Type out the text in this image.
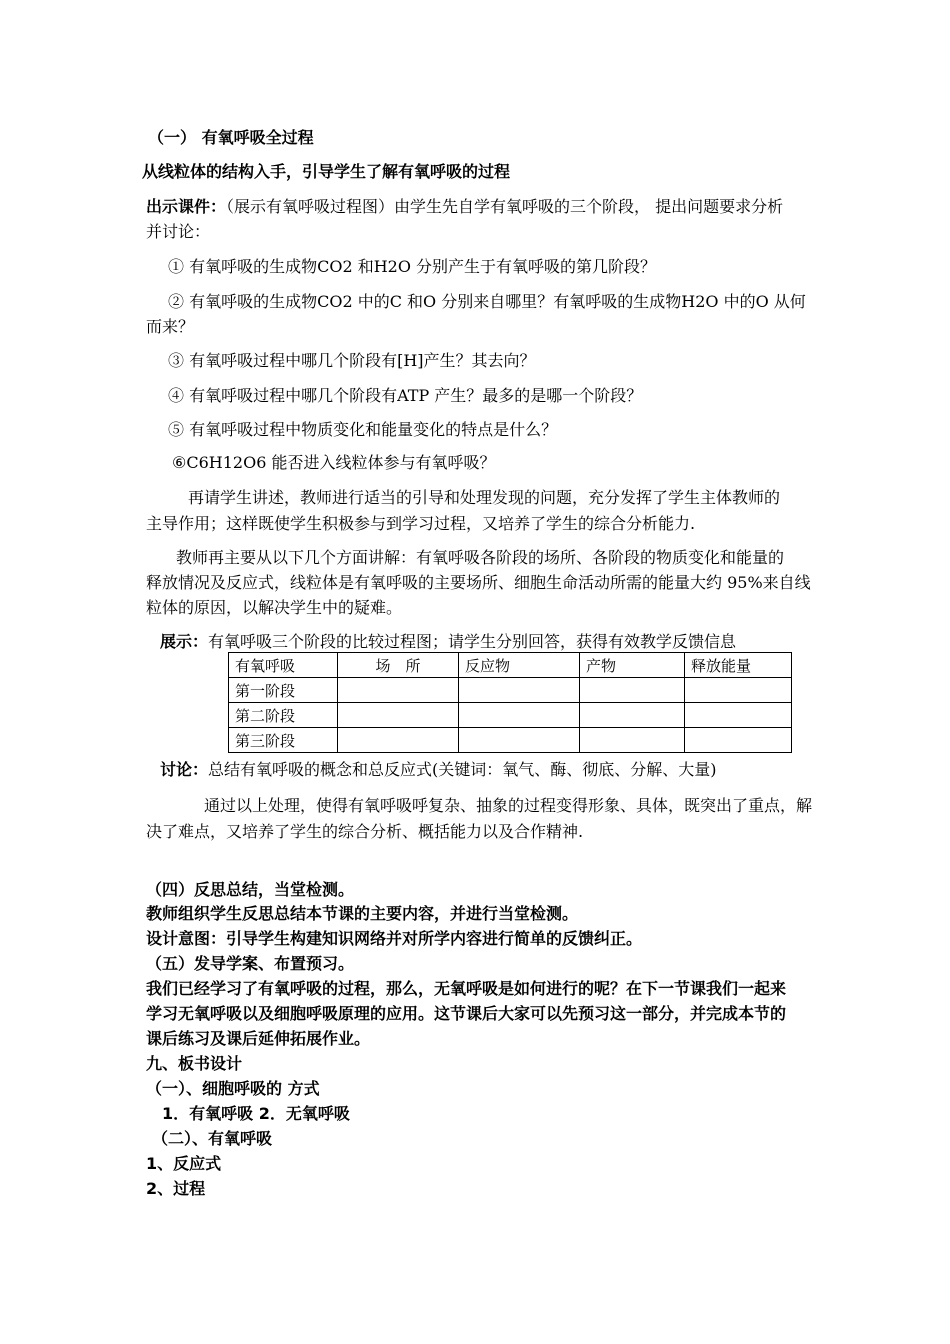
（一） 有氧呼吸全过程
从线粒体的结构入手，引导学生了解有氧呼吸的过程
出示课件：（展示有氧呼吸过程图）由学生先自学有氧呼吸的三个阶段， 提出问题要求分析
并讨论：
① 有氧呼吸的生成物CO2 和H2O 分别产生于有氧呼吸的第几阶段？
② 有氧呼吸的生成物CO2 中的C 和O 分别来自哪里？有氧呼吸的生成物H2O 中的O 从何
而来？
③ 有氧呼吸过程中哪几个阶段有[H]产生？其去向？
④ 有氧呼吸过程中哪几个阶段有ATP 产生？最多的是哪一个阶段？
⑤ 有氧呼吸过程中物质变化和能量变化的特点是什么？
⑥C6H12O6 能否进入线粒体参与有氧呼吸？
再请学生讲述，教师进行适当的引导和处理发现的问题，充分发挥了学生主体教师的
主导作用；这样既使学生积极参与到学习过程，又培养了学生的综合分析能力.
教师再主要从以下几个方面讲解：有氧呼吸各阶段的场所、各阶段的物质变化和能量的
释放情况及反应式，线粒体是有氧呼吸的主要场所、细胞生命活动所需的能量大约 95%来自线
粒体的原因，以解决学生中的疑难。
展示：有氧呼吸三个阶段的比较过程图；请学生分别回答，获得有效教学反馈信息
有氧呼吸	场　所	反应物	产物	释放能量
第一阶段				
第二阶段				
第三阶段				
讨论：总结有氧呼吸的概念和总反应式(关键词：氧气、酶、彻底、分解、大量)
通过以上处理，使得有氧呼吸呼复杂、抽象的过程变得形象、具体，既突出了重点，解
决了难点，又培养了学生的综合分析、概括能力以及合作精神.
（四）反思总结，当堂检测。
教师组织学生反思总结本节课的主要内容，并进行当堂检测。
设计意图：引导学生构建知识网络并对所学内容进行简单的反馈纠正。
（五）发导学案、布置预习。
我们已经学习了有氧呼吸的过程，那么，无氧呼吸是如何进行的呢？在下一节课我们一起来
学习无氧呼吸以及细胞呼吸原理的应用。这节课后大家可以先预习这一部分，并完成本节的
课后练习及课后延伸拓展作业。
九、板书设计
（一）、细胞呼吸的 方式
1．有氧呼吸 2．无氧呼吸
（二）、有氧呼吸
1、反应式
2、过程
